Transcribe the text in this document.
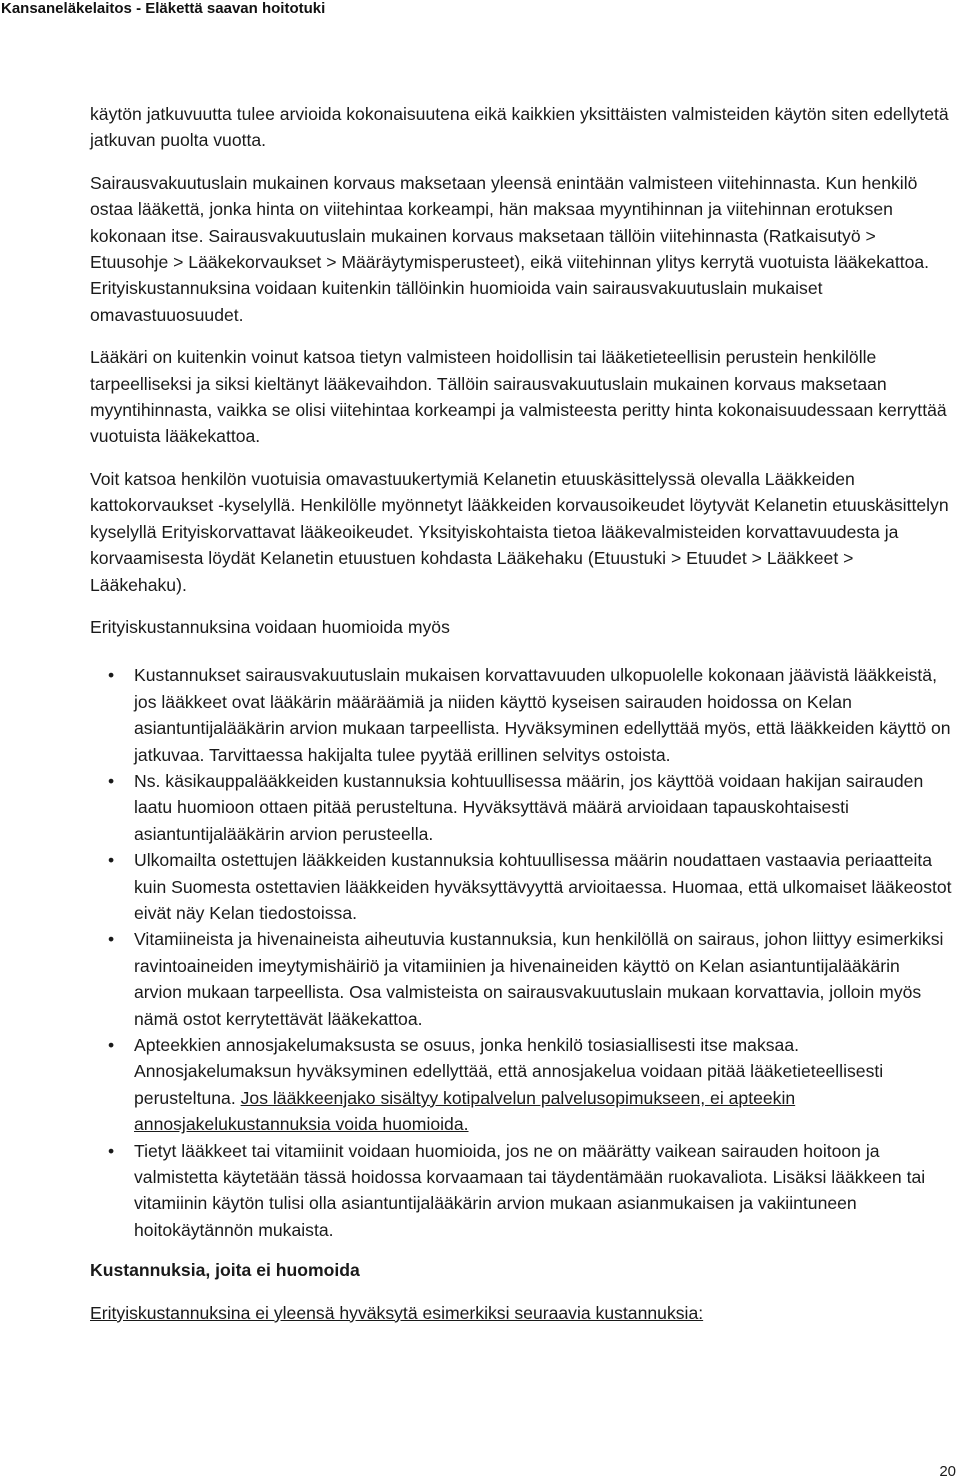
Kansaneläkelaitos - Eläkettä saavan hoitotuki

käytön jatkuvuutta tulee arvioida kokonaisuutena eikä kaikkien yksittäisten valmisteiden käytön siten edellytetä jatkuvan puolta vuotta.

Sairausvakuutuslain mukainen korvaus maksetaan yleensä enintään valmisteen viitehinnasta. Kun henkilö ostaa lääkettä, jonka hinta on viitehintaa korkeampi, hän maksaa myyntihinnan ja viitehinnan erotuksen kokonaan itse. Sairausvakuutuslain mukainen korvaus maksetaan tällöin viitehinnasta (Ratkaisutyö > Etuusohje > Lääkekorvaukset > Määräytymisperusteet), eikä viitehinnan ylitys kerrytä vuotuista lääkekattoa. Erityiskustannuksina voidaan kuitenkin tällöinkin huomioida vain sairausvakuutuslain mukaiset omavastuuosuudet.

Lääkäri on kuitenkin voinut katsoa tietyn valmisteen hoidollisin tai lääketieteellisin perustein henkilölle tarpeelliseksi ja siksi kieltänyt lääkevaihdon. Tällöin sairausvakuutuslain mukainen korvaus maksetaan myyntihinnasta, vaikka se olisi viitehintaa korkeampi ja valmisteesta peritty hinta kokonaisuudessaan kerryttää vuotuista lääkekattoa.

Voit katsoa henkilön vuotuisia omavastuukertymiä Kelanetin etuuskäsittelyssä olevalla Lääkkeiden kattokorvaukset -kyselyllä. Henkilölle myönnetyt lääkkeiden korvausoikeudet löytyvät Kelanetin etuuskäsittelyn kyselyllä Erityiskorvattavat lääkeoikeudet. Yksityiskohtaista tietoa lääkevalmisteiden korvattavuudesta ja korvaamisesta löydät Kelanetin etuustuen kohdasta Lääkehaku (Etuustuki > Etuudet > Lääkkeet > Lääkehaku).

Erityiskustannuksina voidaan huomioida myös

• Kustannukset sairausvakuutuslain mukaisen korvattavuuden ulkopuolelle kokonaan jäävistä lääkkeistä, jos lääkkeet ovat lääkärin määräämiä ja niiden käyttö kyseisen sairauden hoidossa on Kelan asiantuntijalääkärin arvion mukaan tarpeellista. Hyväksyminen edellyttää myös, että lääkkeiden käyttö on jatkuvaa. Tarvittaessa hakijalta tulee pyytää erillinen selvitys ostoista.
• Ns. käsikauppalääkkeiden kustannuksia kohtuullisessa määrin, jos käyttöä voidaan hakijan sairauden laatu huomioon ottaen pitää perusteltuna. Hyväksyttävä määrä arvioidaan tapauskohtaisesti asiantuntijalääkärin arvion perusteella.
• Ulkomailta ostettujen lääkkeiden kustannuksia kohtuullisessa määrin noudattaen vastaavia periaatteita kuin Suomesta ostettavien lääkkeiden hyväksyttävyyttä arvioitaessa. Huomaa, että ulkomaiset lääkeostot eivät näy Kelan tiedostoissa.
• Vitamiineista ja hivenaineista aiheutuvia kustannuksia, kun henkilöllä on sairaus, johon liittyy esimerkiksi ravintoaineiden imeytymishäiriö ja vitamiinien ja hivenaineiden käyttö on Kelan asiantuntijalääkärin arvion mukaan tarpeellista. Osa valmisteista on sairausvakuutuslain mukaan korvattavia, jolloin myös nämä ostot kerrytettävät lääkekattoa.
• Apteekkien annosjakelumaksusta se osuus, jonka henkilö tosiasiallisesti itse maksaa. Annosjakelumaksun hyväksyminen edellyttää, että annosjakelua voidaan pitää lääketieteellisesti perusteltuna. Jos lääkkeenjako sisältyy kotipalvelun palvelusopimukseen, ei apteekin annosjakelukustannuksia voida huomioida.
• Tietyt lääkkeet tai vitamiinit voidaan huomioida, jos ne on määrätty vaikean sairauden hoitoon ja valmistetta käytetään tässä hoidossa korvaamaan tai täydentämään ruokavaliota. Lisäksi lääkkeen tai vitamiinin käytön tulisi olla asiantuntijalääkärin arvion mukaan asianmukaisen ja vakiintuneen hoitokäytännön mukaista.

Kustannuksia, joita ei huomoida

Erityiskustannuksina ei yleensä hyväksytä esimerkiksi seuraavia kustannuksia:

20
